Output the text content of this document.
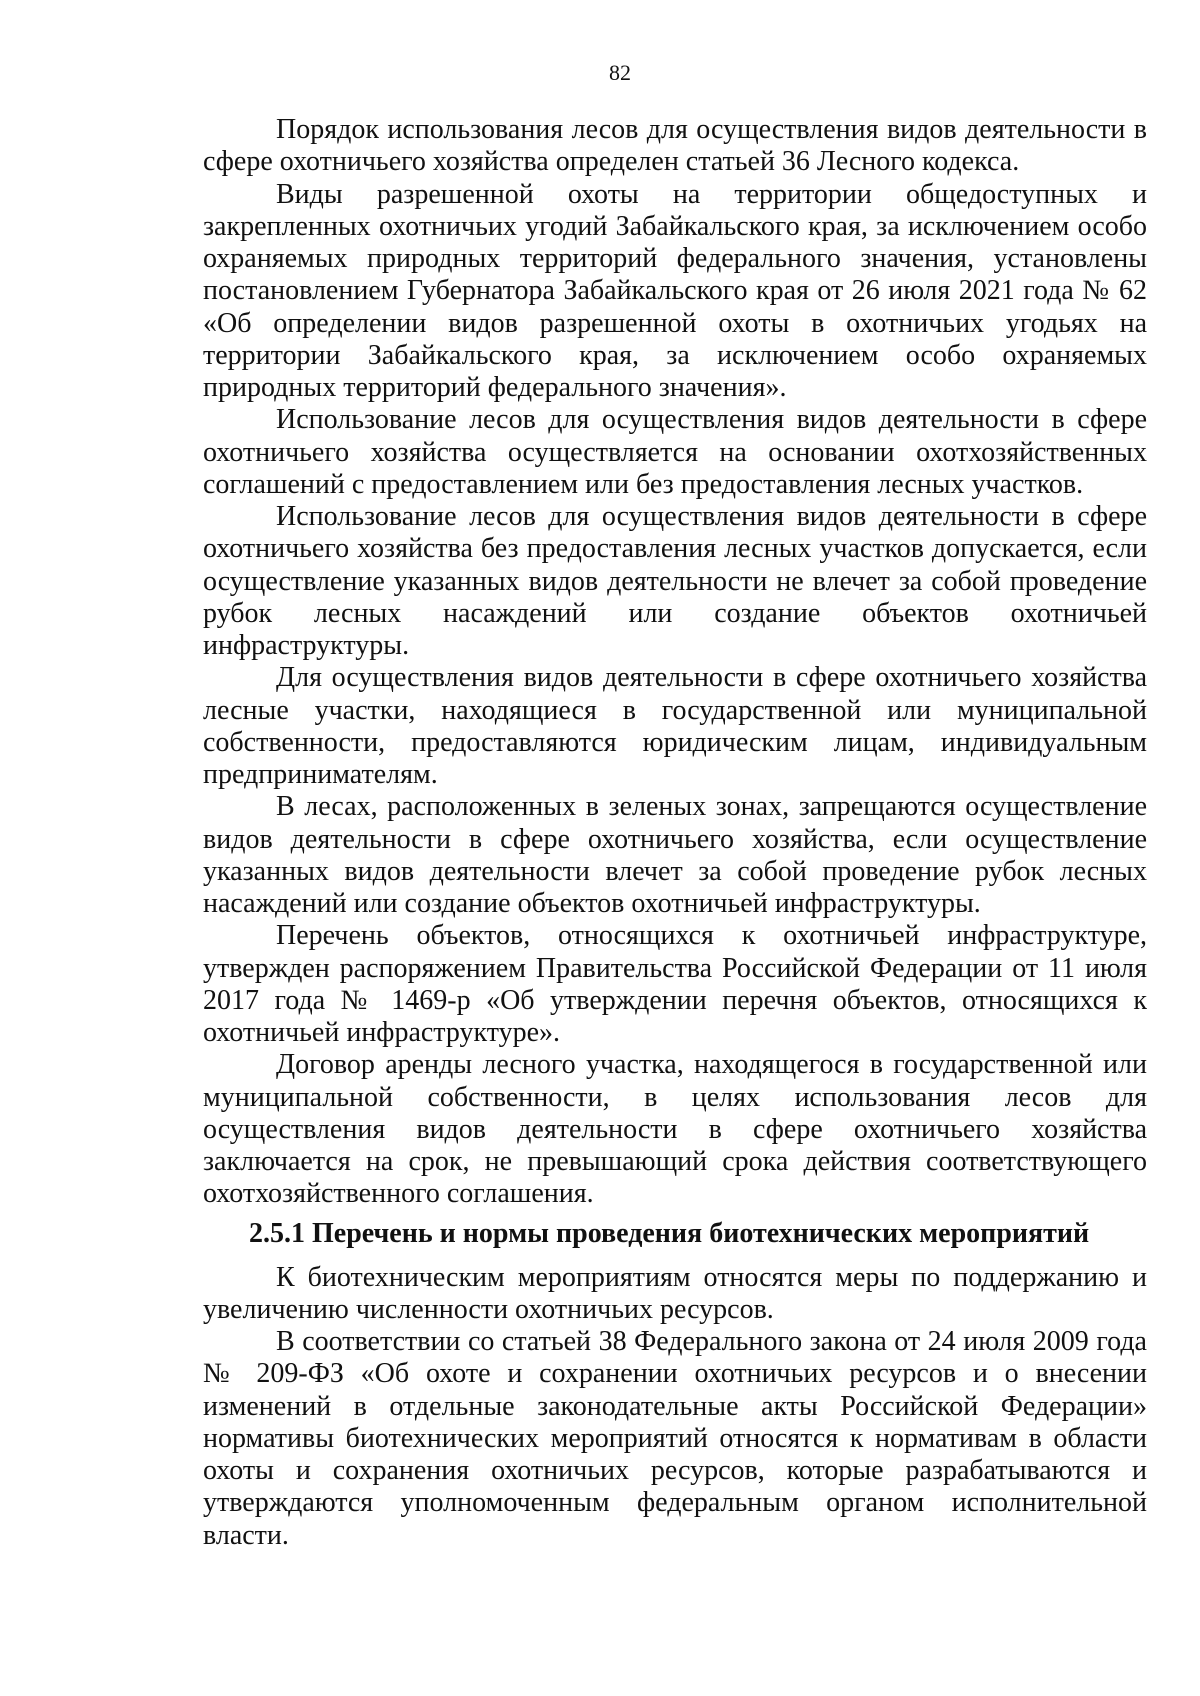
82

Порядок использования лесов для осуществления видов деятельности в сфере охотничьего хозяйства определен статьей 36 Лесного кодекса.

Виды разрешенной охоты на территории общедоступных и закрепленных охотничьих угодий Забайкальского края, за исключением особо охраняемых природных территорий федерального значения, установлены постановлением Губернатора Забайкальского края от 26 июля 2021 года № 62 «Об определении видов разрешенной охоты в охотничьих угодьях на территории Забайкальского края, за исключением особо охраняемых природных территорий федерального значения».

Использование лесов для осуществления видов деятельности в сфере охотничьего хозяйства осуществляется на основании охотхозяйственных соглашений с предоставлением или без предоставления лесных участков.

Использование лесов для осуществления видов деятельности в сфере охотничьего хозяйства без предоставления лесных участков допускается, если осуществление указанных видов деятельности не влечет за собой проведение рубок лесных насаждений или создание объектов охотничьей инфраструктуры.

Для осуществления видов деятельности в сфере охотничьего хозяйства лесные участки, находящиеся в государственной или муниципальной собственности, предоставляются юридическим лицам, индивидуальным предпринимателям.

В лесах, расположенных в зеленых зонах, запрещаются осуществление видов деятельности в сфере охотничьего хозяйства, если осуществление указанных видов деятельности влечет за собой проведение рубок лесных насаждений или создание объектов охотничьей инфраструктуры.

Перечень объектов, относящихся к охотничьей инфраструктуре, утвержден распоряжением Правительства Российской Федерации от 11 июля 2017 года № 1469-р «Об утверждении перечня объектов, относящихся к охотничьей инфраструктуре».

Договор аренды лесного участка, находящегося в государственной или муниципальной собственности, в целях использования лесов для осуществления видов деятельности в сфере охотничьего хозяйства заключается на срок, не превышающий срока действия соответствующего охотхозяйственного соглашения.

2.5.1 Перечень и нормы проведения биотехнических мероприятий

К биотехническим мероприятиям относятся меры по поддержанию и увеличению численности охотничьих ресурсов.

В соответствии со статьей 38 Федерального закона от 24 июля 2009 года № 209-ФЗ «Об охоте и сохранении охотничьих ресурсов и о внесении изменений в отдельные законодательные акты Российской Федерации» нормативы биотехнических мероприятий относятся к нормативам в области охоты и сохранения охотничьих ресурсов, которые разрабатываются и утверждаются уполномоченным федеральным органом исполнительной власти.
